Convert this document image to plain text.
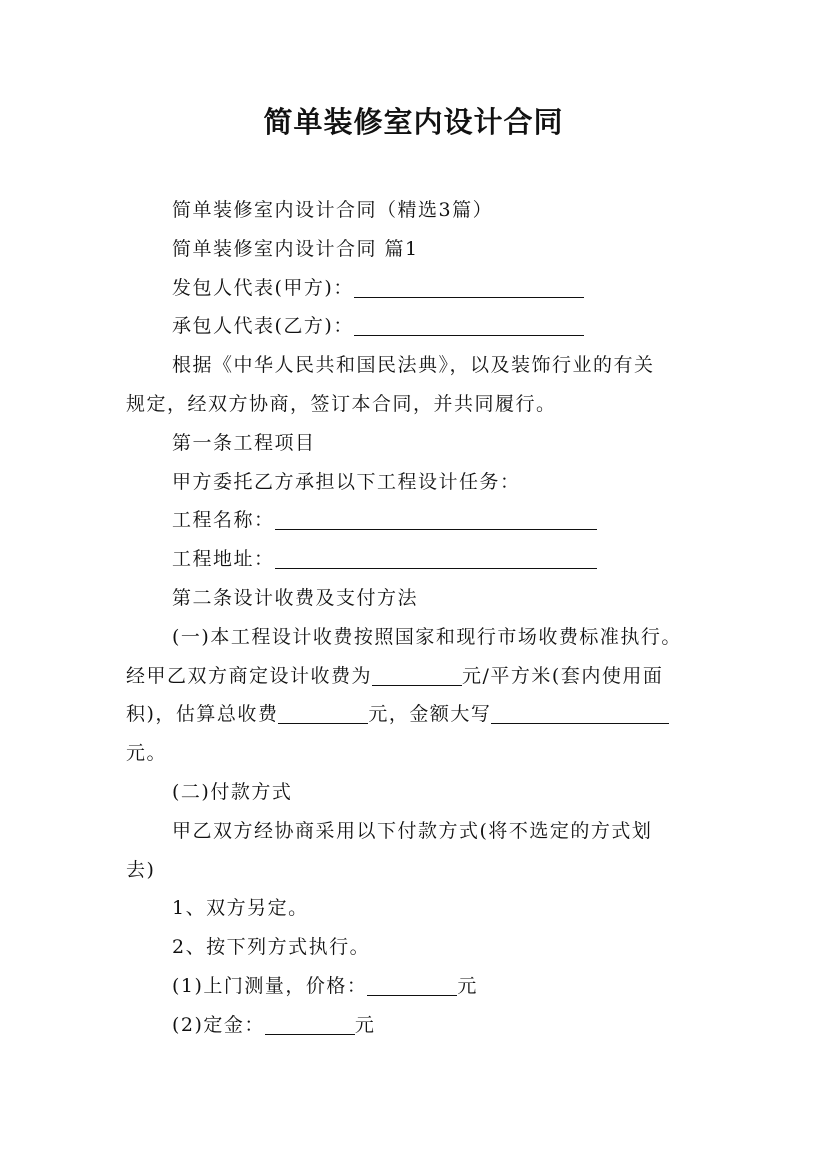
简单装修室内设计合同

简单装修室内设计合同（精选3篇）

简单装修室内设计合同 篇1

发包人代表(甲方)：

承包人代表(乙方)：

根据《中华人民共和国民法典》，以及装饰行业的有关

规定，经双方协商，签订本合同，并共同履行。

第一条工程项目

甲方委托乙方承担以下工程设计任务：

工程名称：

工程地址：

第二条设计收费及支付方法

(一)本工程设计收费按照国家和现行市场收费标准执行。

经甲乙双方商定设计收费为	元/平方米(套内使用面

积)，估算总收费	元，金额大写

元。

(二)付款方式

甲乙双方经协商采用以下付款方式(将不选定的方式划

去)

1、双方另定。

2、按下列方式执行。

(1)上门测量，价格：	元

(2)定金：	元
